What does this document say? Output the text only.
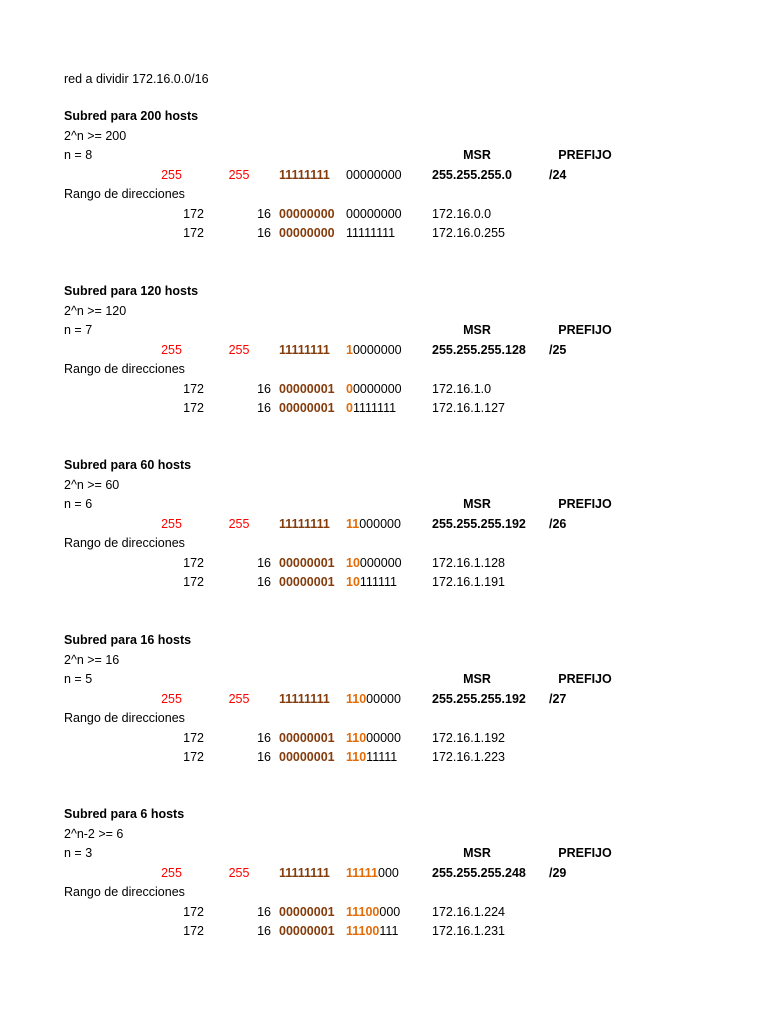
red a dividir 172.16.0.0/16
Subred para 200 hosts
2^n >= 200
n = 8	MSR	PREFIJO
255	255	11111111 00000000 255.255.255.0	/24
Rango de direcciones
172	16 00000000 00000000 172.16.0.0
172	16 00000000 11111111	172.16.0.255
Subred para 120 hosts
2^n >= 120
n = 7	MSR	PREFIJO
255	255	11111111 10000000 255.255.255.128 /25
Rango de direcciones
172	16 00000001 00000000 172.16.1.0
172	16 00000001 01111111	172.16.1.127
Subred para 60 hosts
2^n >= 60
n = 6	MSR	PREFIJO
255	255	11111111 11000000 255.255.255.192 /26
Rango de direcciones
172	16 00000001 10000000 172.16.1.128
172	16 00000001 10111111	172.16.1.191
Subred para 16 hosts
2^n >= 16
n = 5	MSR	PREFIJO
255	255	11111111 11000000 255.255.255.192 /27
Rango de direcciones
172	16 00000001 11000000 172.16.1.192
172	16 00000001 11011111	172.16.1.223
Subred para 6 hosts
2^n-2 >= 6
n = 3	MSR	PREFIJO
255	255	11111111 11111000	255.255.255.248 /29
Rango de direcciones
172	16 00000001 11100000	172.16.1.224
172	16 00000001 11100111	172.16.1.231
